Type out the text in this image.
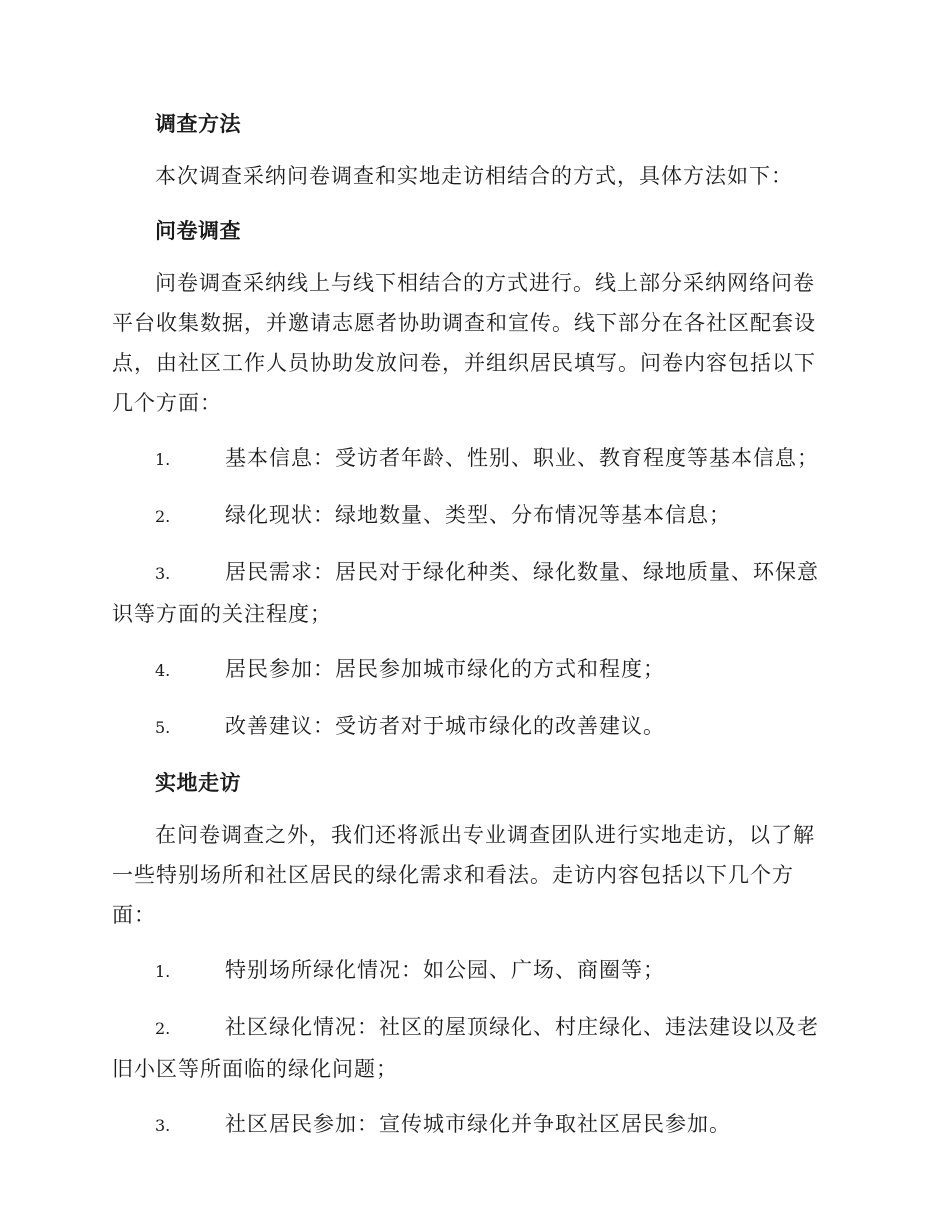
调查方法

本次调查采纳问卷调查和实地走访相结合的方式，具体方法如下：

问卷调查

问卷调查采纳线上与线下相结合的方式进行。线上部分采纳网络问卷平台收集数据，并邀请志愿者协助调查和宣传。线下部分在各社区配套设点，由社区工作人员协助发放问卷，并组织居民填写。问卷内容包括以下几个方面：

1.	基本信息：受访者年龄、性别、职业、教育程度等基本信息；
2.	绿化现状：绿地数量、类型、分布情况等基本信息；
3.	居民需求：居民对于绿化种类、绿化数量、绿地质量、环保意识等方面的关注程度；
4.	居民参加：居民参加城市绿化的方式和程度；
5.	改善建议：受访者对于城市绿化的改善建议。
实地走访

在问卷调查之外，我们还将派出专业调查团队进行实地走访，以了解一些特别场所和社区居民的绿化需求和看法。走访内容包括以下几个方面：

1.	特别场所绿化情况：如公园、广场、商圈等；
2.	社区绿化情况：社区的屋顶绿化、村庄绿化、违法建设以及老旧小区等所面临的绿化问题；
3.	社区居民参加：宣传城市绿化并争取社区居民参加。
